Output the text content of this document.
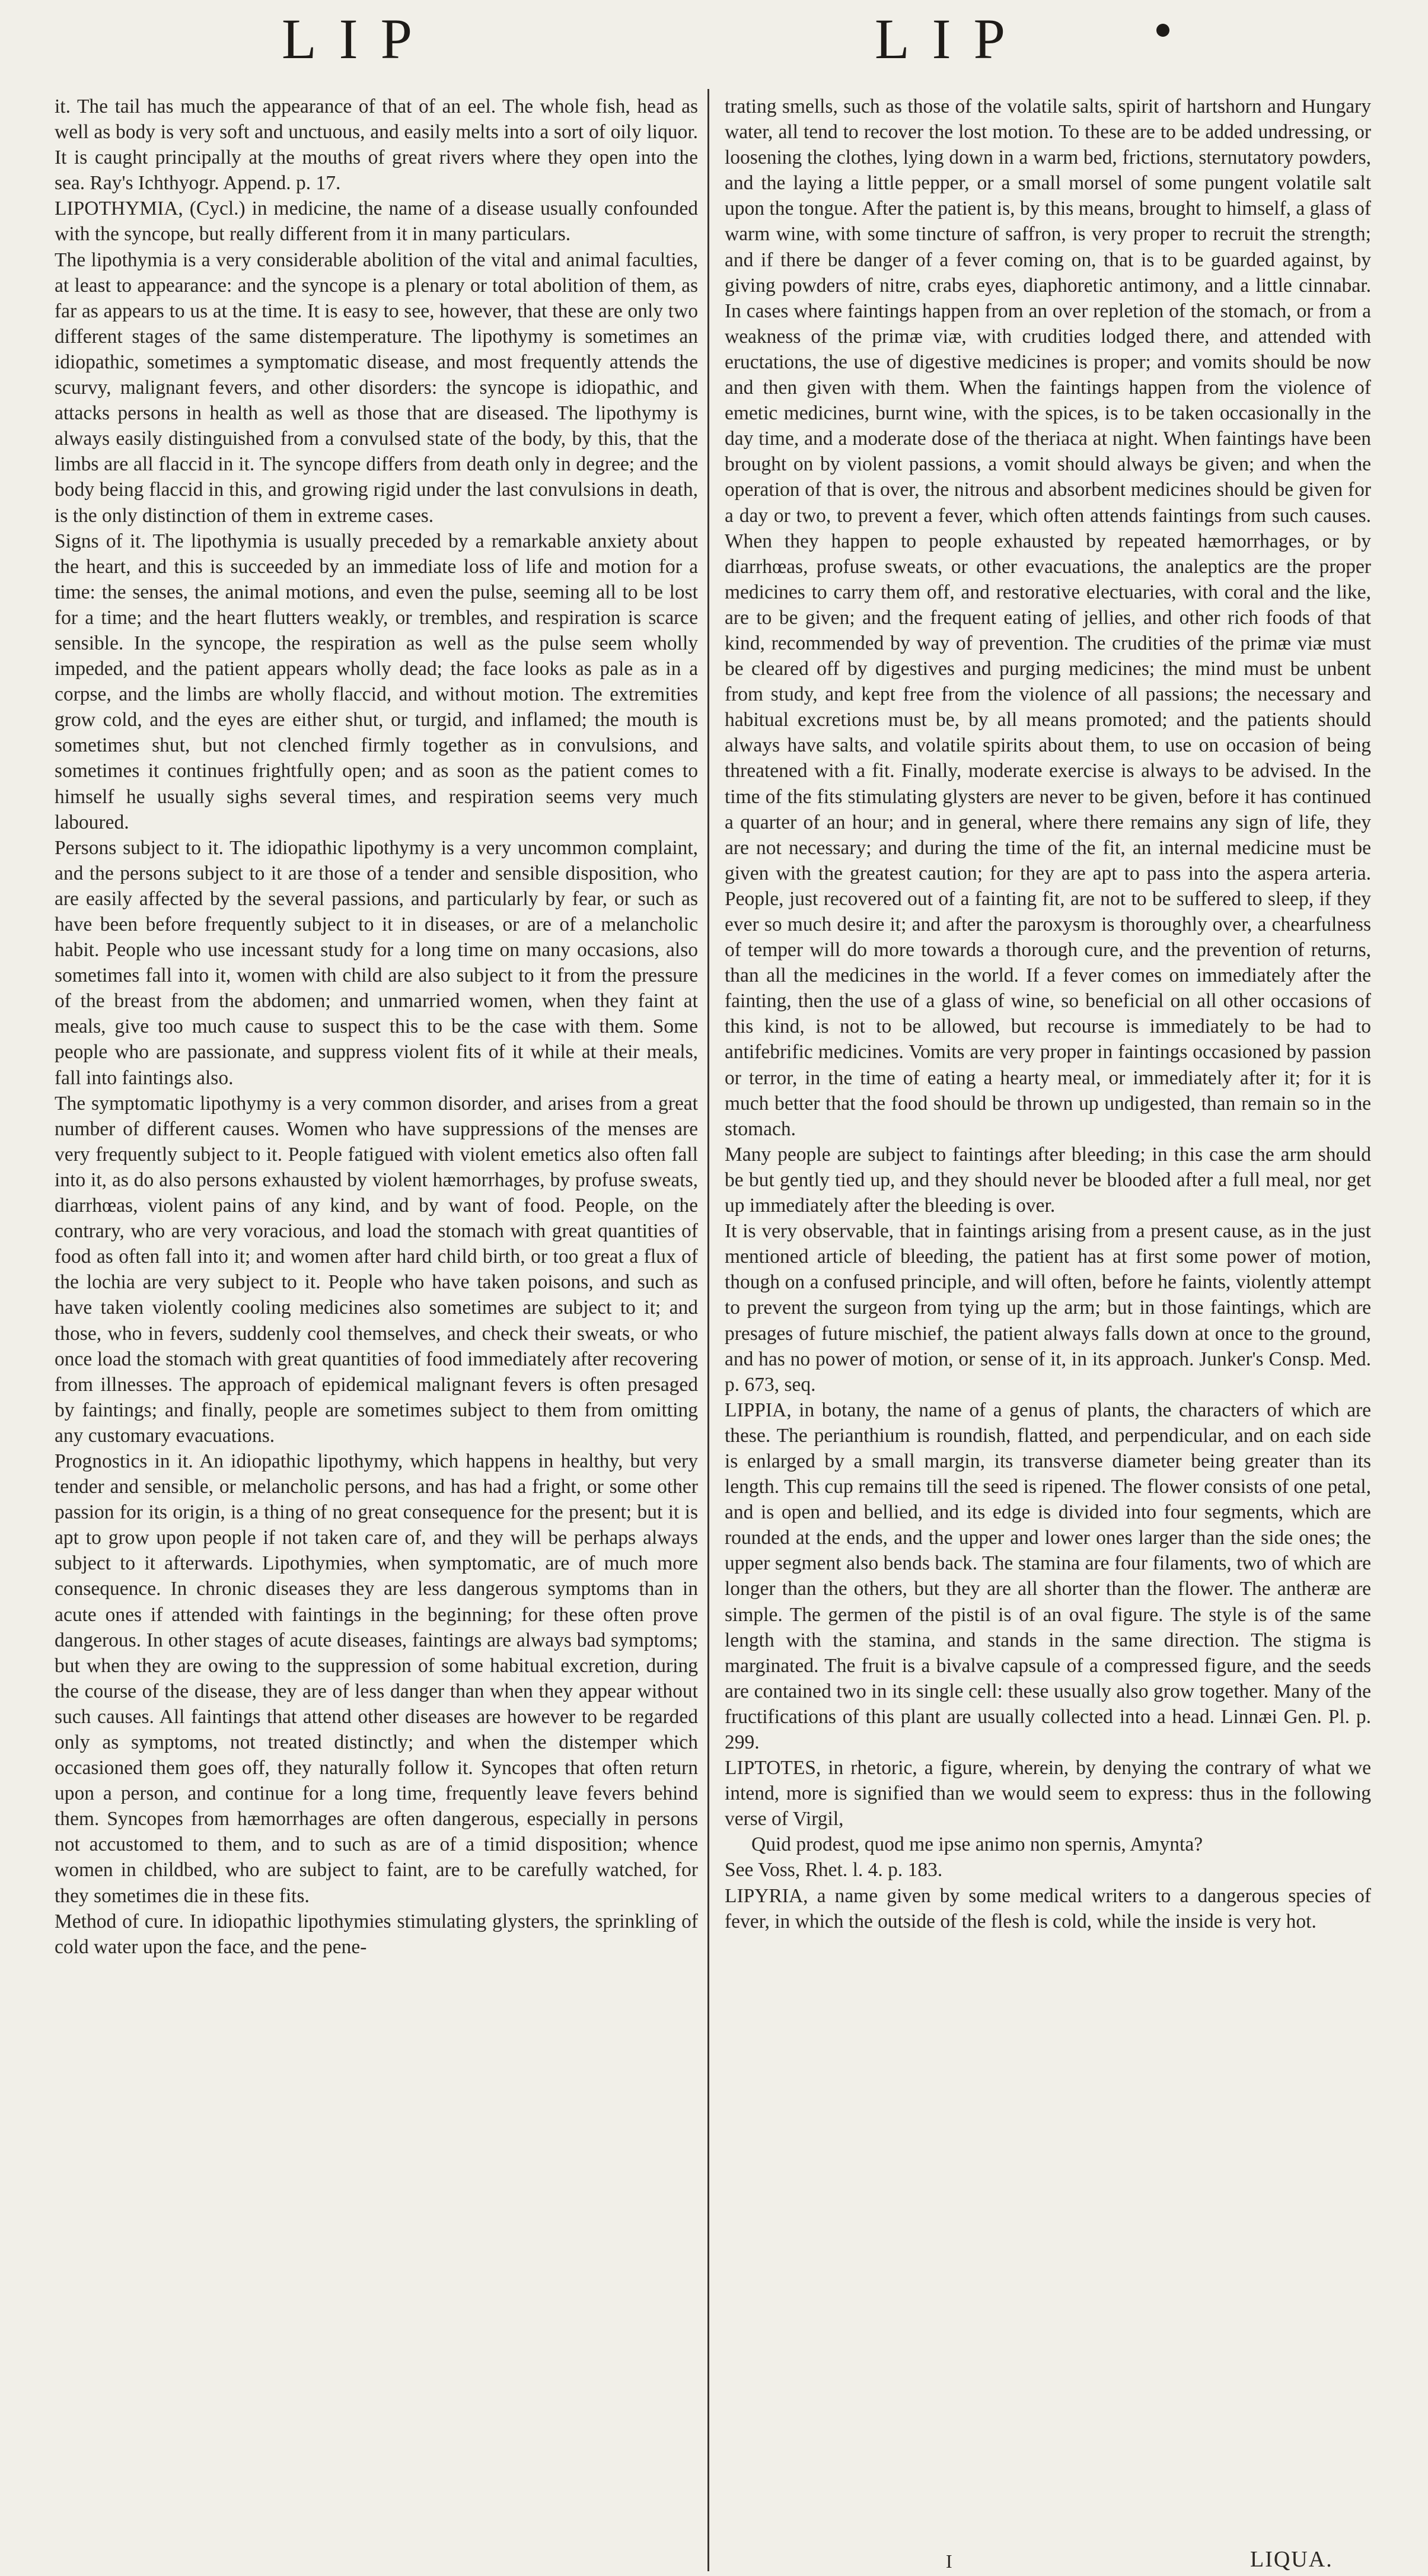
LIP	LIP

it. The tail has much the appearance of that of an eel. The whole fish, head as well as body is very soft and unctuous, and easily melts into a sort of oily liquor. It is caught principally at the mouths of great rivers where they open into the sea. Ray's Ichthyogr. Append. p. 17.

LIPOTHYMIA, (Cycl.) in medicine, the name of a disease usually confounded with the syncope, but really different from it in many particulars.

The lipothymia is a very considerable abolition of the vital and animal faculties, at least to appearance: and the syncope is a plenary or total abolition of them, as far as appears to us at the time. It is easy to see, however, that these are only two different stages of the same distemperature. The lipothymy is sometimes an idiopathic, sometimes a symptomatic disease, and most frequently attends the scurvy, malignant fevers, and other disorders: the syncope is idiopathic, and attacks persons in health as well as those that are diseased. The lipothymy is always easily distinguished from a convulsed state of the body, by this, that the limbs are all flaccid in it. The syncope differs from death only in degree; and the body being flaccid in this, and growing rigid under the last convulsions in death, is the only distinction of them in extreme cases.

Signs of it. The lipothymia is usually preceded by a remarkable anxiety about the heart, and this is succeeded by an immediate loss of life and motion for a time: the senses, the animal motions, and even the pulse, seeming all to be lost for a time; and the heart flutters weakly, or trembles, and respiration is scarce sensible. In the syncope, the respiration as well as the pulse seem wholly impeded, and the patient appears wholly dead; the face looks as pale as in a corpse, and the limbs are wholly flaccid, and without motion. The extremities grow cold, and the eyes are either shut, or turgid, and inflamed; the mouth is sometimes shut, but not clenched firmly together as in convulsions, and sometimes it continues frightfully open; and as soon as the patient comes to himself he usually sighs several times, and respiration seems very much laboured.

Persons subject to it. The idiopathic lipothymy is a very uncommon complaint, and the persons subject to it are those of a tender and sensible disposition, who are easily affected by the several passions, and particularly by fear, or such as have been before frequently subject to it in diseases, or are of a melancholic habit. People who use incessant study for a long time on many occasions, also sometimes fall into it, women with child are also subject to it from the pressure of the breast from the abdomen; and unmarried women, when they faint at meals, give too much cause to suspect this to be the case with them. Some people who are passionate, and suppress violent fits of it while at their meals, fall into faintings also.

The symptomatic lipothymy is a very common disorder, and arises from a great number of different causes. Women who have suppressions of the menses are very frequently subject to it. People fatigued with violent emetics also often fall into it, as do also persons exhausted by violent hæmorrhages, by profuse sweats, diarrhœas, violent pains of any kind, and by want of food. People, on the contrary, who are very voracious, and load the stomach with great quantities of food as often fall into it; and women after hard child birth, or too great a flux of the lochia are very subject to it. People who have taken poisons, and such as have taken violently cooling medicines also sometimes are subject to it; and those, who in fevers, suddenly cool themselves, and check their sweats, or who once load the stomach with great quantities of food immediately after recovering from illnesses. The approach of epidemical malignant fevers is often presaged by faintings; and finally, people are sometimes subject to them from omitting any customary evacuations.

Prognostics in it. An idiopathic lipothymy, which happens in healthy, but very tender and sensible, or melancholic persons, and has had a fright, or some other passion for its origin, is a thing of no great consequence for the present; but it is apt to grow upon people if not taken care of, and they will be perhaps always subject to it afterwards. Lipothymies, when symptomatic, are of much more consequence. In chronic diseases they are less dangerous symptoms than in acute ones if attended with faintings in the beginning; for these often prove dangerous. In other stages of acute diseases, faintings are always bad symptoms; but when they are owing to the suppression of some habitual excretion, during the course of the disease, they are of less danger than when they appear without such causes. All faintings that attend other diseases are however to be regarded only as symptoms, not treated distinctly; and when the distemper which occasioned them goes off, they naturally follow it. Syncopes that often return upon a person, and continue for a long time, frequently leave fevers behind them. Syncopes from hæmorrhages are often dangerous, especially in persons not accustomed to them, and to such as are of a timid disposition; whence women in childbed, who are subject to faint, are to be carefully watched, for they sometimes die in these fits.

Method of cure. In idiopathic lipothymies stimulating glysters, the sprinkling of cold water upon the face, and the pene-

trating smells, such as those of the volatile salts, spirit of hartshorn and Hungary water, all tend to recover the lost motion. To these are to be added undressing, or loosening the clothes, lying down in a warm bed, frictions, sternutatory powders, and the laying a little pepper, or a small morsel of some pungent volatile salt upon the tongue. After the patient is, by this means, brought to himself, a glass of warm wine, with some tincture of saffron, is very proper to recruit the strength; and if there be danger of a fever coming on, that is to be guarded against, by giving powders of nitre, crabs eyes, diaphoretic antimony, and a little cinnabar. In cases where faintings happen from an over repletion of the stomach, or from a weakness of the primæ viæ, with crudities lodged there, and attended with eructations, the use of digestive medicines is proper; and vomits should be now and then given with them. When the faintings happen from the violence of emetic medicines, burnt wine, with the spices, is to be taken occasionally in the day time, and a moderate dose of the theriaca at night. When faintings have been brought on by violent passions, a vomit should always be given; and when the operation of that is over, the nitrous and absorbent medicines should be given for a day or two, to prevent a fever, which often attends faintings from such causes. When they happen to people exhausted by repeated hæmorrhages, or by diarrhœas, profuse sweats, or other evacuations, the analeptics are the proper medicines to carry them off, and restorative electuaries, with coral and the like, are to be given; and the frequent eating of jellies, and other rich foods of that kind, recommended by way of prevention. The crudities of the primæ viæ must be cleared off by digestives and purging medicines; the mind must be unbent from study, and kept free from the violence of all passions; the necessary and habitual excretions must be, by all means promoted; and the patients should always have salts, and volatile spirits about them, to use on occasion of being threatened with a fit. Finally, moderate exercise is always to be advised. In the time of the fits stimulating glysters are never to be given, before it has continued a quarter of an hour; and in general, where there remains any sign of life, they are not necessary; and during the time of the fit, an internal medicine must be given with the greatest caution; for they are apt to pass into the aspera arteria. People, just recovered out of a fainting fit, are not to be suffered to sleep, if they ever so much desire it; and after the paroxysm is thoroughly over, a chearfulness of temper will do more towards a thorough cure, and the prevention of returns, than all the medicines in the world. If a fever comes on immediately after the fainting, then the use of a glass of wine, so beneficial on all other occasions of this kind, is not to be allowed, but recourse is immediately to be had to antifebrific medicines. Vomits are very proper in faintings occasioned by passion or terror, in the time of eating a hearty meal, or immediately after it; for it is much better that the food should be thrown up undigested, than remain so in the stomach.

Many people are subject to faintings after bleeding; in this case the arm should be but gently tied up, and they should never be blooded after a full meal, nor get up immediately after the bleeding is over.

It is very observable, that in faintings arising from a present cause, as in the just mentioned article of bleeding, the patient has at first some power of motion, though on a confused principle, and will often, before he faints, violently attempt to prevent the surgeon from tying up the arm; but in those faintings, which are presages of future mischief, the patient always falls down at once to the ground, and has no power of motion, or sense of it, in its approach. Junker's Consp. Med. p. 673, seq.

LIPPIA, in botany, the name of a genus of plants, the characters of which are these. The perianthium is roundish, flatted, and perpendicular, and on each side is enlarged by a small margin, its transverse diameter being greater than its length. This cup remains till the seed is ripened. The flower consists of one petal, and is open and bellied, and its edge is divided into four segments, which are rounded at the ends, and the upper and lower ones larger than the side ones; the upper segment also bends back. The stamina are four filaments, two of which are longer than the others, but they are all shorter than the flower. The antheræ are simple. The germen of the pistil is of an oval figure. The style is of the same length with the stamina, and stands in the same direction. The stigma is marginated. The fruit is a bivalve capsule of a compressed figure, and the seeds are contained two in its single cell: these usually also grow together. Many of the fructifications of this plant are usually collected into a head. Linnæi Gen. Pl. p. 299.

LIPTOTES, in rhetoric, a figure, wherein, by denying the contrary of what we intend, more is signified than we would seem to express: thus in the following verse of Virgil,

Quid prodest, quod me ipse animo non spernis, Amynta?

See Voss, Rhet. l. 4. p. 183.

LIPYRIA, a name given by some medical writers to a dangerous species of fever, in which the outside of the flesh is cold, while the inside is very hot.

I	LIQUA.
